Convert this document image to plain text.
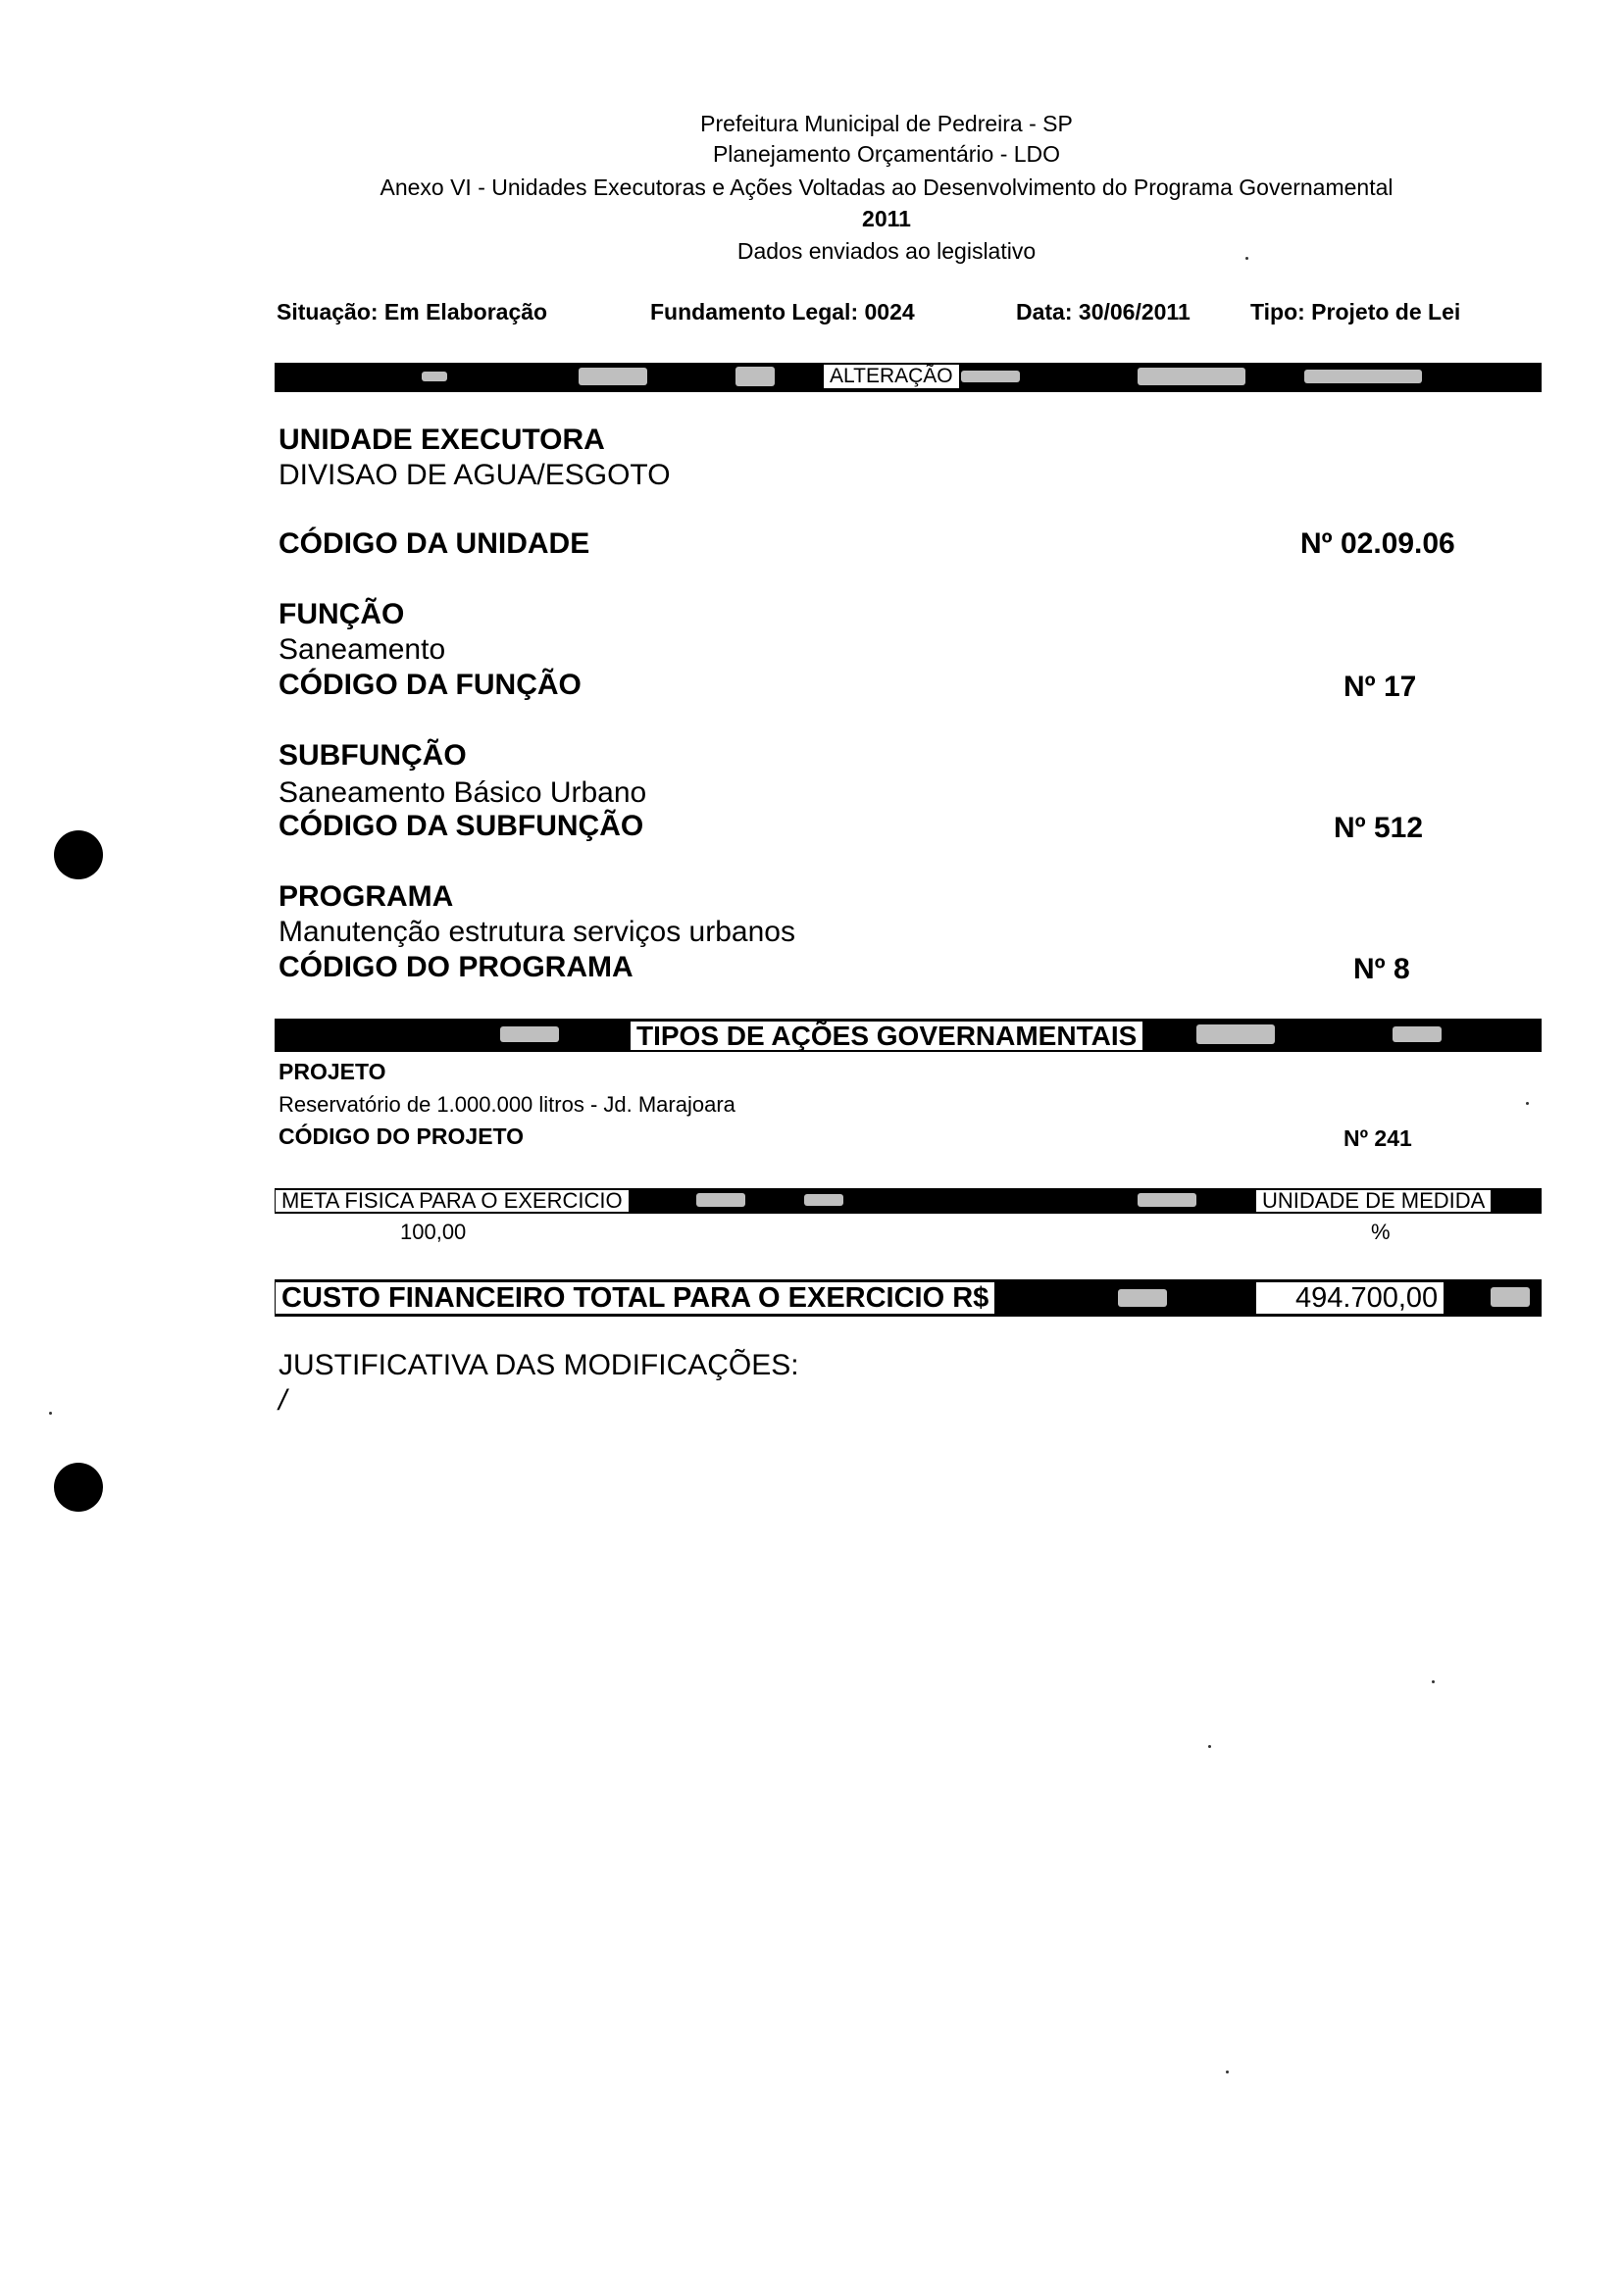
Prefeitura Municipal de Pedreira - SP
Planejamento Orçamentário - LDO
Anexo VI - Unidades Executoras e Ações Voltadas ao Desenvolvimento do Programa Governamental
2011
Dados enviados ao legislativo
Situação: Em Elaboração	Fundamento Legal: 0024	Data: 30/06/2011	Tipo: Projeto de Lei
ALTERAÇÃO
UNIDADE EXECUTORA
DIVISAO DE AGUA/ESGOTO
CÓDIGO DA UNIDADE	Nº 02.09.06
FUNÇÃO
Saneamento
CÓDIGO DA FUNÇÃO	Nº 17
SUBFUNÇÃO
Saneamento Básico Urbano
CÓDIGO DA SUBFUNÇÃO	Nº 512
PROGRAMA
Manutenção estrutura serviços urbanos
CÓDIGO DO PROGRAMA	Nº 8
TIPOS DE AÇÕES GOVERNAMENTAIS
PROJETO
Reservatório de 1.000.000 litros - Jd. Marajoara
CÓDIGO DO PROJETO	Nº 241
META FISICA PARA O EXERCICIO	UNIDADE DE MEDIDA
100,00	%
CUSTO FINANCEIRO TOTAL PARA O EXERCICIO R$	494.700,00
JUSTIFICATIVA DAS MODIFICAÇÕES:
/
